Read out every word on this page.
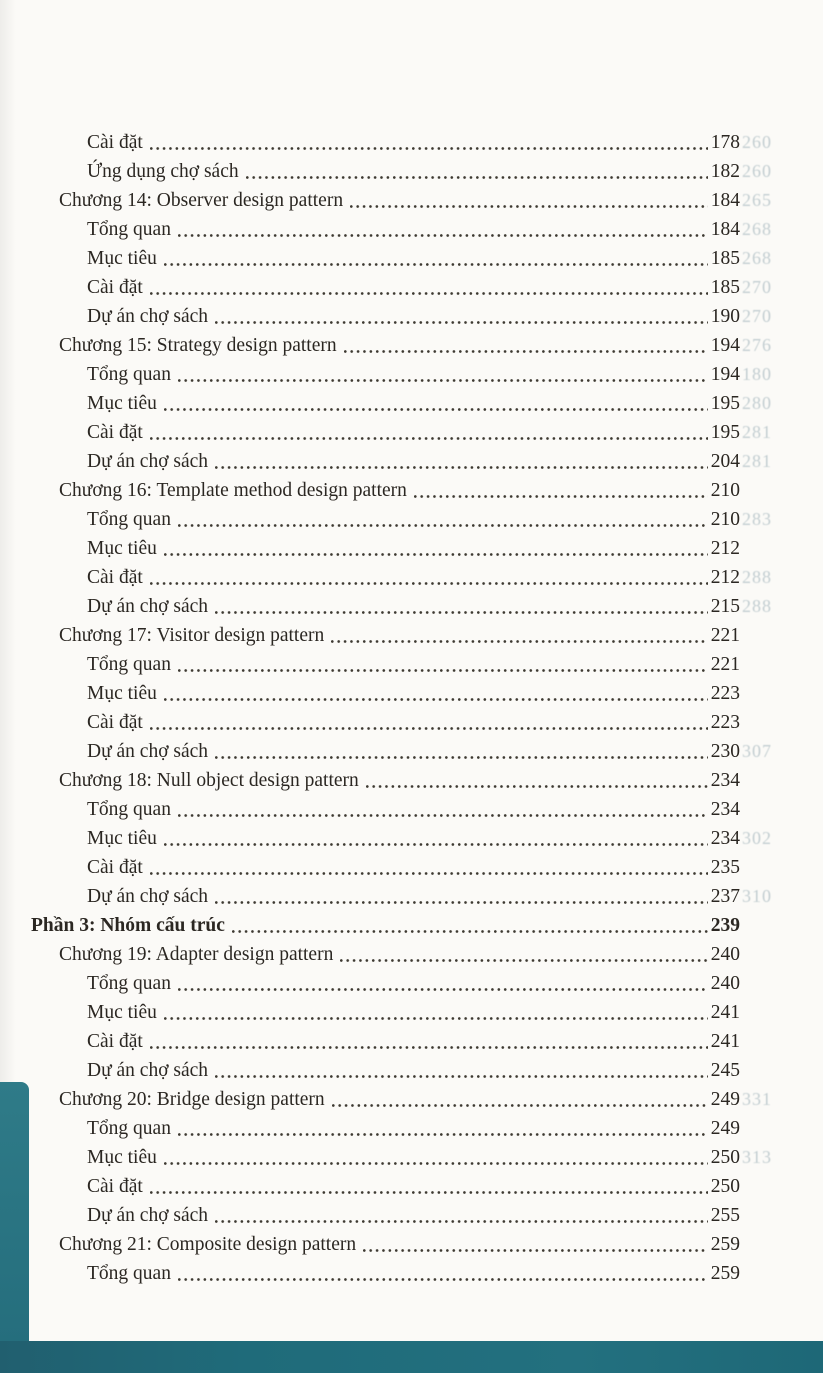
260
260
265
268
268
270
270
276
180
280
281
281
283
288
288
307
302
310
331
313
Cài đặt	178
Ứng dụng chợ sách	182
Chương 14: Observer design pattern	184
Tổng quan	184
Mục tiêu	185
Cài đặt	185
Dự án chợ sách	190
Chương 15: Strategy design pattern	194
Tổng quan	194
Mục tiêu	195
Cài đặt	195
Dự án chợ sách	204
Chương 16: Template method design pattern	210
Tổng quan	210
Mục tiêu	212
Cài đặt	212
Dự án chợ sách	215
Chương 17: Visitor design pattern	221
Tổng quan	221
Mục tiêu	223
Cài đặt	223
Dự án chợ sách	230
Chương 18: Null object design pattern	234
Tổng quan	234
Mục tiêu	234
Cài đặt	235
Dự án chợ sách	237
Phần 3: Nhóm cấu trúc	239
Chương 19: Adapter design pattern	240
Tổng quan	240
Mục tiêu	241
Cài đặt	241
Dự án chợ sách	245
Chương 20: Bridge design pattern	249
Tổng quan	249
Mục tiêu	250
Cài đặt	250
Dự án chợ sách	255
Chương 21: Composite design pattern	259
Tổng quan	259
